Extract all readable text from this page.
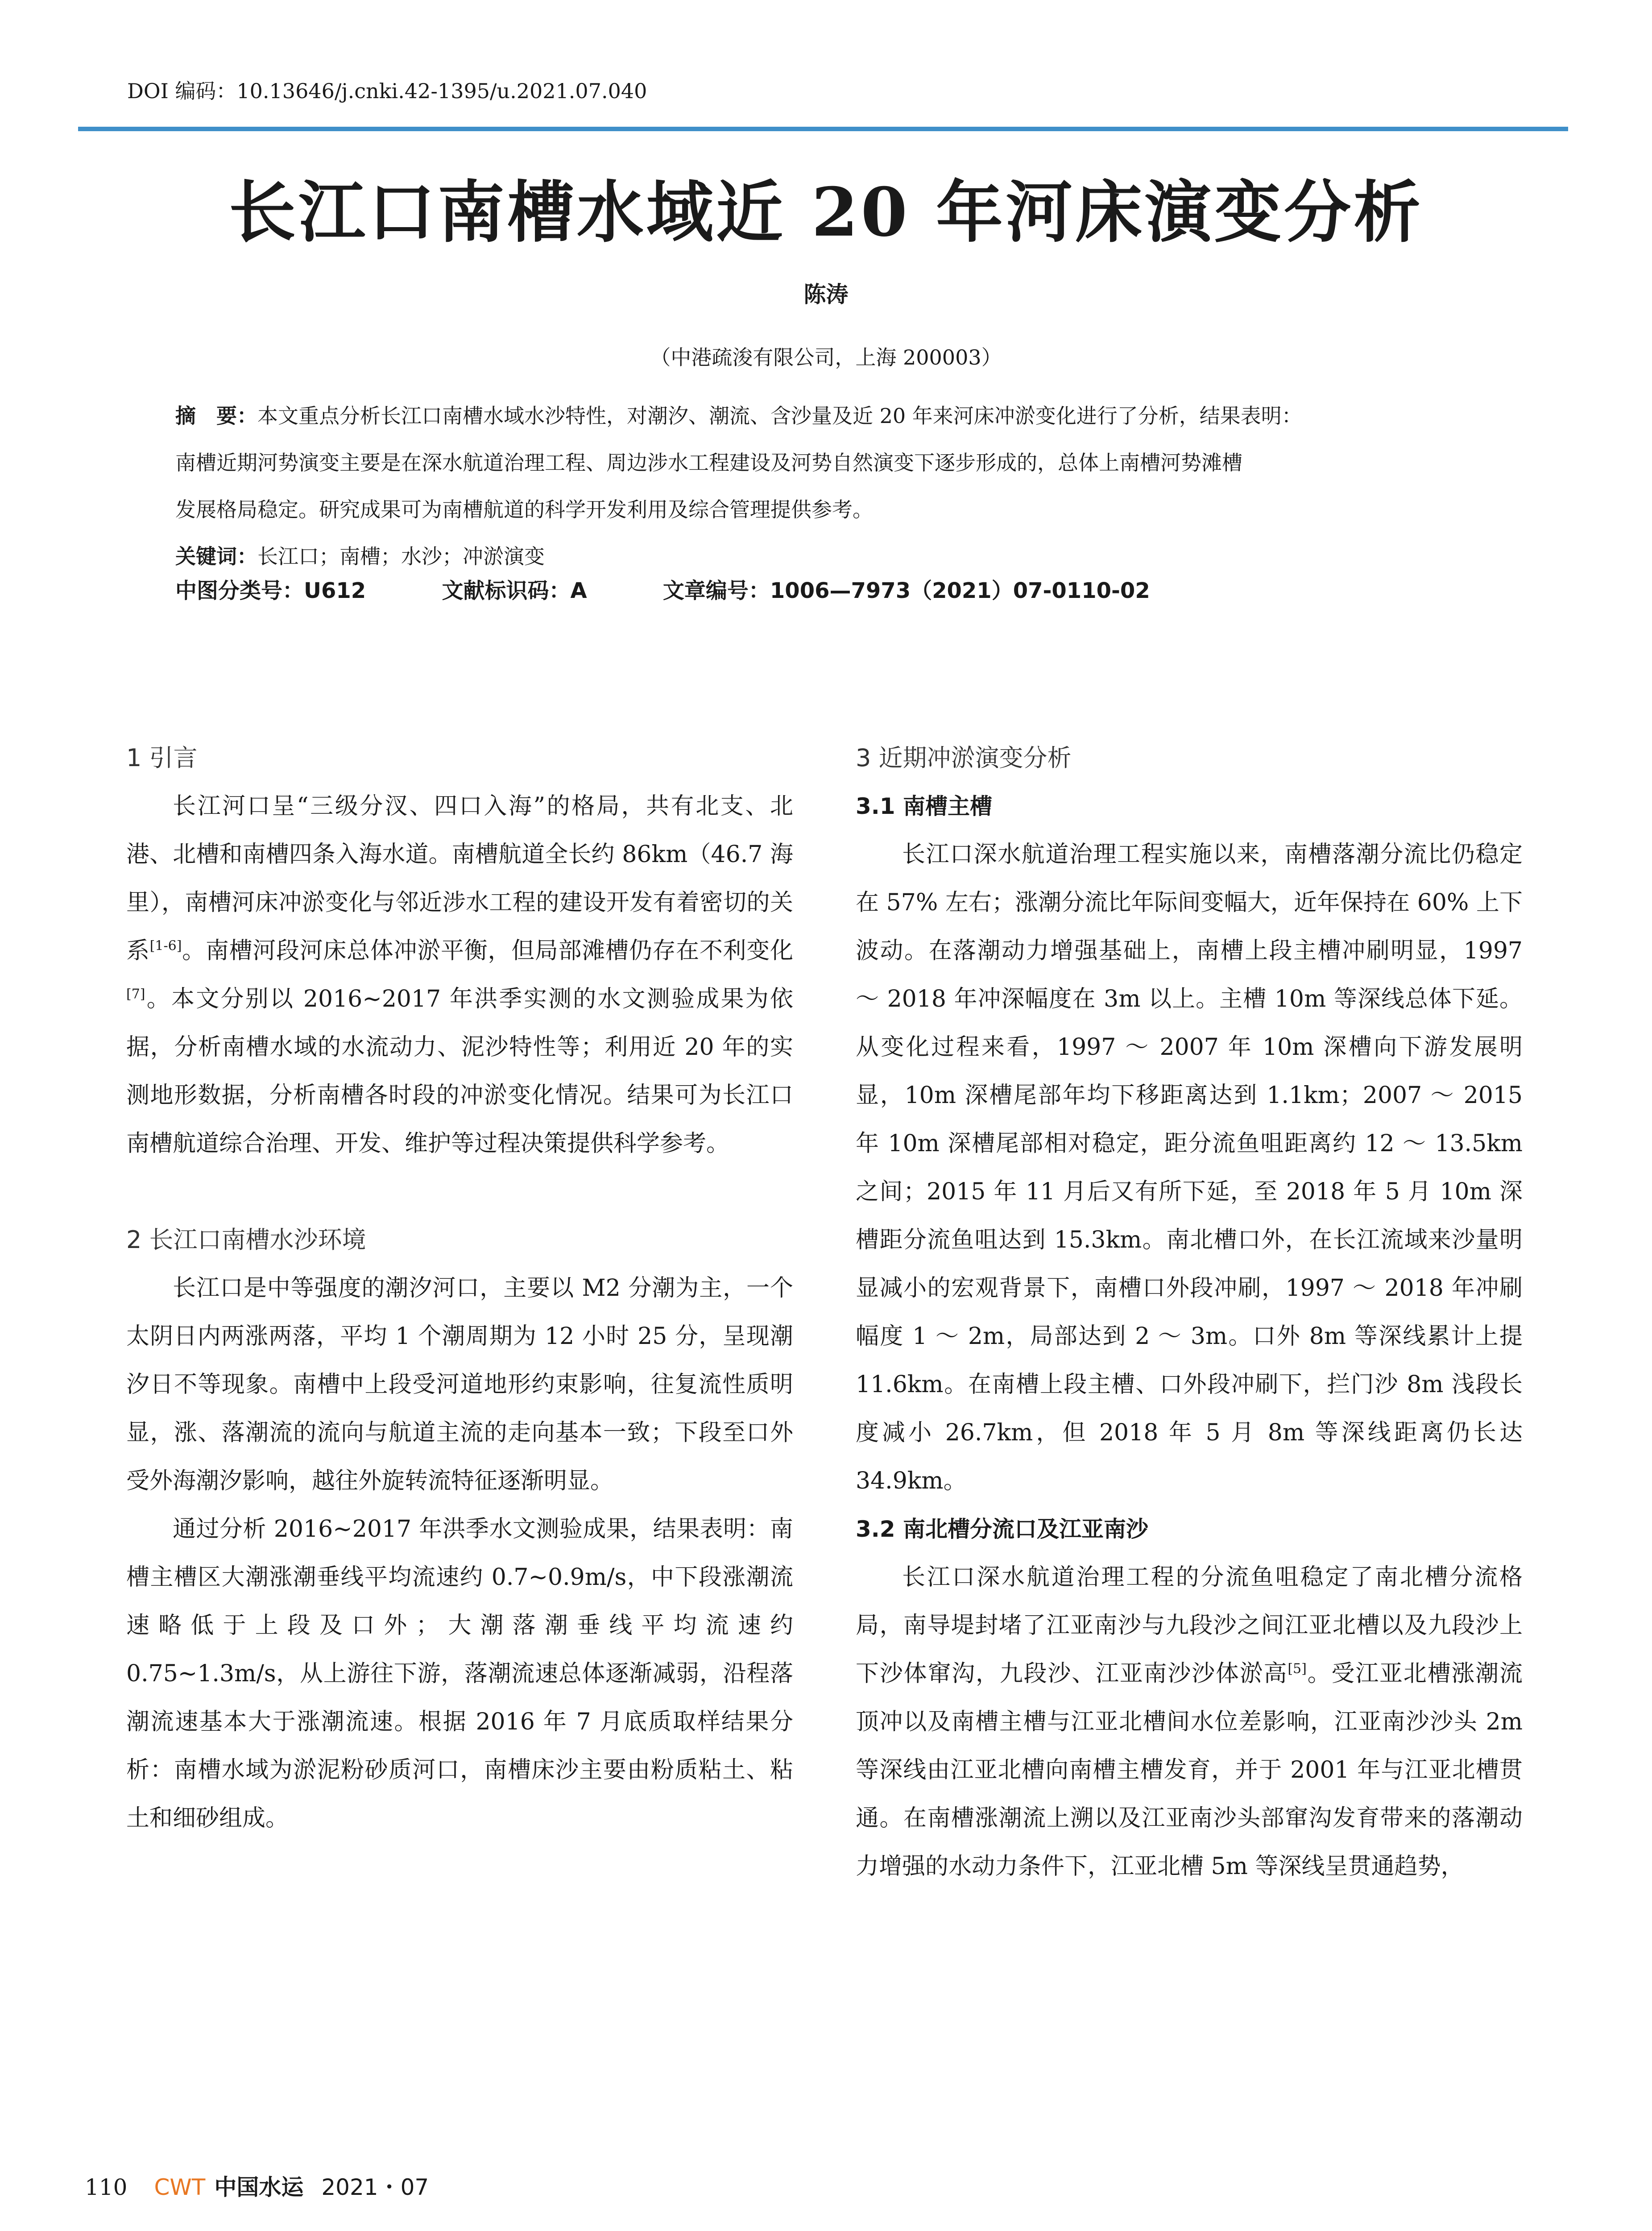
DOI 编码：10.13646/j.cnki.42-1395/u.2021.07.040
长江口南槽水域近 20 年河床演变分析
陈涛
（中港疏浚有限公司，上海 200003）
摘　要：本文重点分析长江口南槽水域水沙特性，对潮汐、潮流、含沙量及近 20 年来河床冲淤变化进行了分析，结果表明：
南槽近期河势演变主要是在深水航道治理工程、周边涉水工程建设及河势自然演变下逐步形成的，总体上南槽河势滩槽
发展格局稳定。研究成果可为南槽航道的科学开发利用及综合管理提供参考。
关键词：长江口；南槽；水沙；冲淤演变
中图分类号：U612	文献标识码：A	文章编号：1006—7973（2021）07-0110-02

1 引言

长江河口呈“三级分汊、四口入海”的格局，共有北支、北港、北槽和南槽四条入海水道。南槽航道全长约 86km（46.7 海里），南槽河床冲淤变化与邻近涉水工程的建设开发有着密切的关系[1-6]。南槽河段河床总体冲淤平衡，但局部滩槽仍存在不利变化[7]。本文分别以 2016~2017 年洪季实测的水文测验成果为依据，分析南槽水域的水流动力、泥沙特性等；利用近 20 年的实测地形数据，分析南槽各时段的冲淤变化情况。结果可为长江口南槽航道综合治理、开发、维护等过程决策提供科学参考。

2 长江口南槽水沙环境

长江口是中等强度的潮汐河口，主要以 M2 分潮为主，一个太阴日内两涨两落，平均 1 个潮周期为 12 小时 25 分，呈现潮汐日不等现象。南槽中上段受河道地形约束影响，往复流性质明显，涨、落潮流的流向与航道主流的走向基本一致；下段至口外受外海潮汐影响，越往外旋转流特征逐渐明显。

通过分析 2016~2017 年洪季水文测验成果，结果表明：南槽主槽区大潮涨潮垂线平均流速约 0.7~0.9m/s，中下段涨潮流速略低于上段及口外；大潮落潮垂线平均流速约 0.75~1.3m/s，从上游往下游，落潮流速总体逐渐减弱，沿程落潮流速基本大于涨潮流速。根据 2016 年 7 月底质取样结果分析：南槽水域为淤泥粉砂质河口，南槽床沙主要由粉质粘土、粘土和细砂组成。

3 近期冲淤演变分析

3.1 南槽主槽

长江口深水航道治理工程实施以来，南槽落潮分流比仍稳定在 57% 左右；涨潮分流比年际间变幅大，近年保持在 60% 上下波动。在落潮动力增强基础上，南槽上段主槽冲刷明显，1997 ～ 2018 年冲深幅度在 3m 以上。主槽 10m 等深线总体下延。从变化过程来看，1997 ～ 2007 年 10m 深槽向下游发展明显，10m 深槽尾部年均下移距离达到 1.1km；2007 ～ 2015 年 10m 深槽尾部相对稳定，距分流鱼咀距离约 12 ～ 13.5km 之间；2015 年 11 月后又有所下延，至 2018 年 5 月 10m 深槽距分流鱼咀达到 15.3km。南北槽口外，在长江流域来沙量明显减小的宏观背景下，南槽口外段冲刷，1997 ～ 2018 年冲刷幅度 1 ～ 2m，局部达到 2 ～ 3m。口外 8m 等深线累计上提 11.6km。在南槽上段主槽、口外段冲刷下，拦门沙 8m 浅段长度减小 26.7km，但 2018 年 5 月 8m 等深线距离仍长达 34.9km。

3.2 南北槽分流口及江亚南沙

长江口深水航道治理工程的分流鱼咀稳定了南北槽分流格局，南导堤封堵了江亚南沙与九段沙之间江亚北槽以及九段沙上下沙体窜沟，九段沙、江亚南沙沙体淤高[5]。受江亚北槽涨潮流顶冲以及南槽主槽与江亚北槽间水位差影响，江亚南沙沙头 2m 等深线由江亚北槽向南槽主槽发育，并于 2001 年与江亚北槽贯通。在南槽涨潮流上溯以及江亚南沙头部窜沟发育带来的落潮动力增强的水动力条件下，江亚北槽 5m 等深线呈贯通趋势，

110 CWT 中国水运 2021・07
